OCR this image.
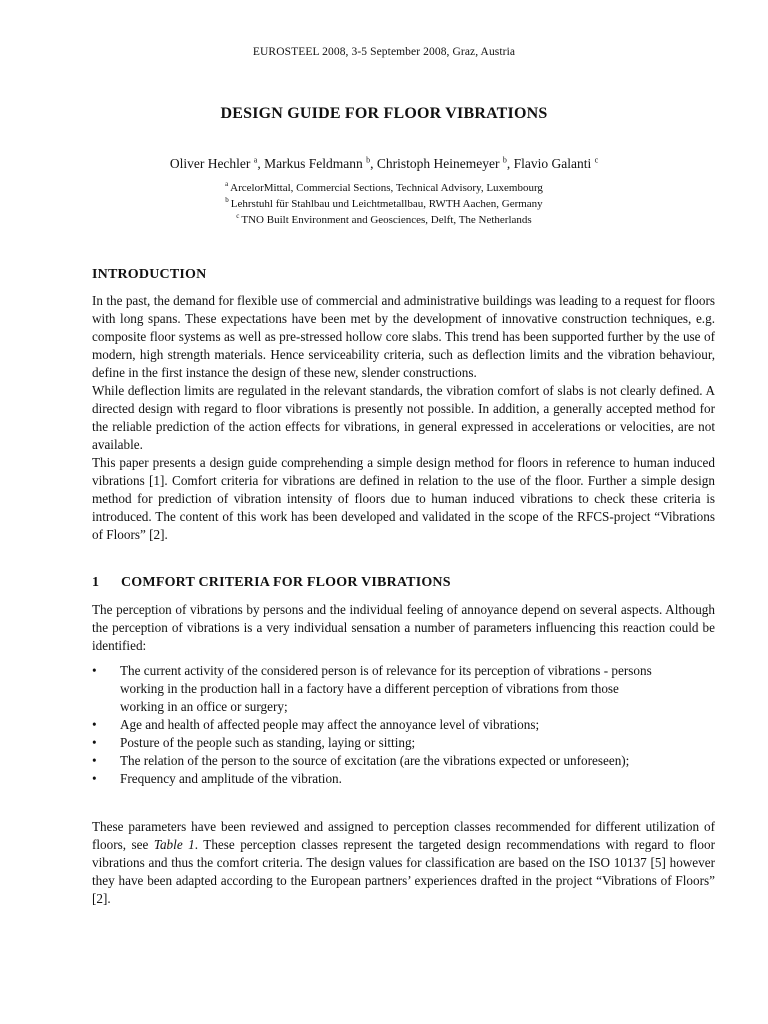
EUROSTEEL 2008, 3-5 September 2008, Graz, Austria
DESIGN GUIDE FOR FLOOR VIBRATIONS
Oliver Hechler $^a$, Markus Feldmann $^b$, Christoph Heinemeyer $^b$, Flavio Galanti $^c$
$^a$ ArcelorMittal, Commercial Sections, Technical Advisory, Luxembourg
$^b$ Lehrstuhl für Stahlbau und Leichtmetallbau, RWTH Aachen, Germany
$^c$ TNO Built Environment and Geosciences, Delft, The Netherlands
INTRODUCTION

In the past, the demand for flexible use of commercial and administrative buildings was leading to a request for floors with long spans. These expectations have been met by the development of innovative construction techniques, e.g. composite floor systems as well as pre-stressed hollow core slabs. This trend has been supported further by the use of modern, high strength materials. Hence serviceability criteria, such as deflection limits and the vibration behaviour, define in the first instance the design of these new, slender constructions.

While deflection limits are regulated in the relevant standards, the vibration comfort of slabs is not clearly defined. A directed design with regard to floor vibrations is presently not possible. In addition, a generally accepted method for the reliable prediction of the action effects for vibrations, in general expressed in accelerations or velocities, are not available.

This paper presents a design guide comprehending a simple design method for floors in reference to human induced vibrations [1]. Comfort criteria for vibrations are defined in relation to the use of the floor. Further a simple design method for prediction of vibration intensity of floors due to human induced vibrations to check these criteria is introduced. The content of this work has been developed and validated in the scope of the RFCS-project “Vibrations of Floors” [2].

1 COMFORT CRITERIA FOR FLOOR VIBRATIONS

The perception of vibrations by persons and the individual feeling of annoyance depend on several aspects. Although the perception of vibrations is a very individual sensation a number of parameters influencing this reaction could be identified:

• The current activity of the considered person is of relevance for its perception of vibrations - persons working in the production hall in a factory have a different perception of vibrations from those working in an office or surgery;
• Age and health of affected people may affect the annoyance level of vibrations;
• Posture of the people such as standing, laying or sitting;
• The relation of the person to the source of excitation (are the vibrations expected or unforeseen);
• Frequency and amplitude of the vibration.

These parameters have been reviewed and assigned to perception classes recommended for different utilization of floors, see Table 1. These perception classes represent the targeted design recommendations with regard to floor vibrations and thus the comfort criteria. The design values for classification are based on the ISO 10137 [5] however they have been adapted according to the European partners’ experiences drafted in the project “Vibrations of Floors” [2].
